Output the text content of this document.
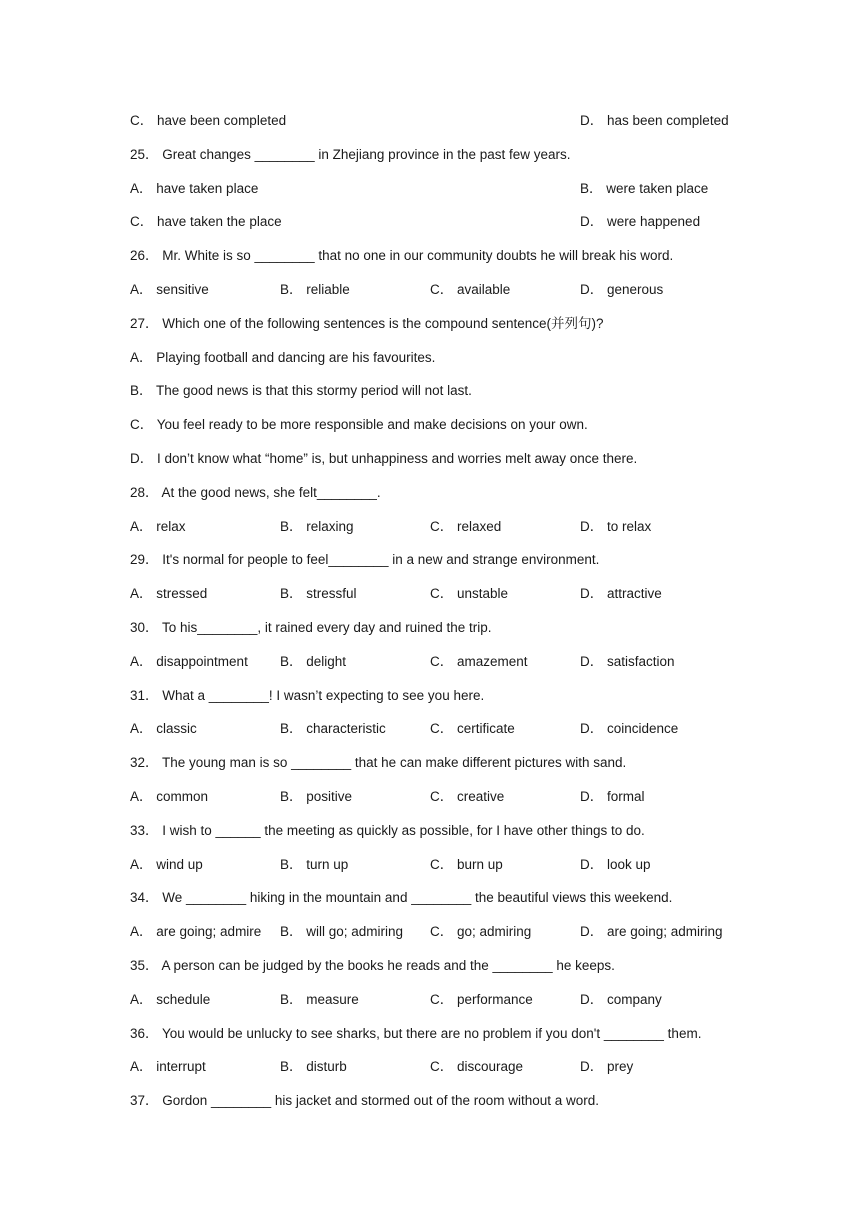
C． have been completed	D． has been completed
25． Great changes ________ in Zhejiang province in the past few years.
A． have taken place	B． were taken place
C． have taken the place	D． were happened
26． Mr. White is so ________ that no one in our community doubts he will break his word.
A． sensitive	B． reliable	C． available	D． generous
27． Which one of the following sentences is the compound sentence(并列句)?
A． Playing football and dancing are his favourites.
B． The good news is that this stormy period will not last.
C． You feel ready to be more responsible and make decisions on your own.
D． I don’t know what “home” is, but unhappiness and worries melt away once there.
28． At the good news, she felt________.
A． relax	B． relaxing	C． relaxed	D． to relax
29． It's normal for people to feel________ in a new and strange environment.
A． stressed	B． stressful	C． unstable	D． attractive
30． To his________, it rained every day and ruined the trip.
A． disappointment B． delight	C． amazement	D． satisfaction
31． What a ________! I wasn’t expecting to see you here.
A． classic	B． characteristic	C． certificate	D． coincidence
32． The young man is so ________ that he can make different pictures with sand.
A． common	B． positive	C． creative	D． formal
33． I wish to ______ the meeting as quickly as possible, for I have other things to do.
A． wind up	B． turn up	C． burn up	D． look up
34． We ________ hiking in the mountain and ________ the beautiful views this weekend.
A． are going; admire B． will go; admiring C． go; admiring	D． are going; admiring
35． A person can be judged by the books he reads and the ________ he keeps.
A． schedule	B． measure	C． performance	D． company
36． You would be unlucky to see sharks, but there are no problem if you don't ________ them.
A． interrupt	B． disturb	C． discourage	D． prey
37． Gordon ________ his jacket and stormed out of the room without a word.
